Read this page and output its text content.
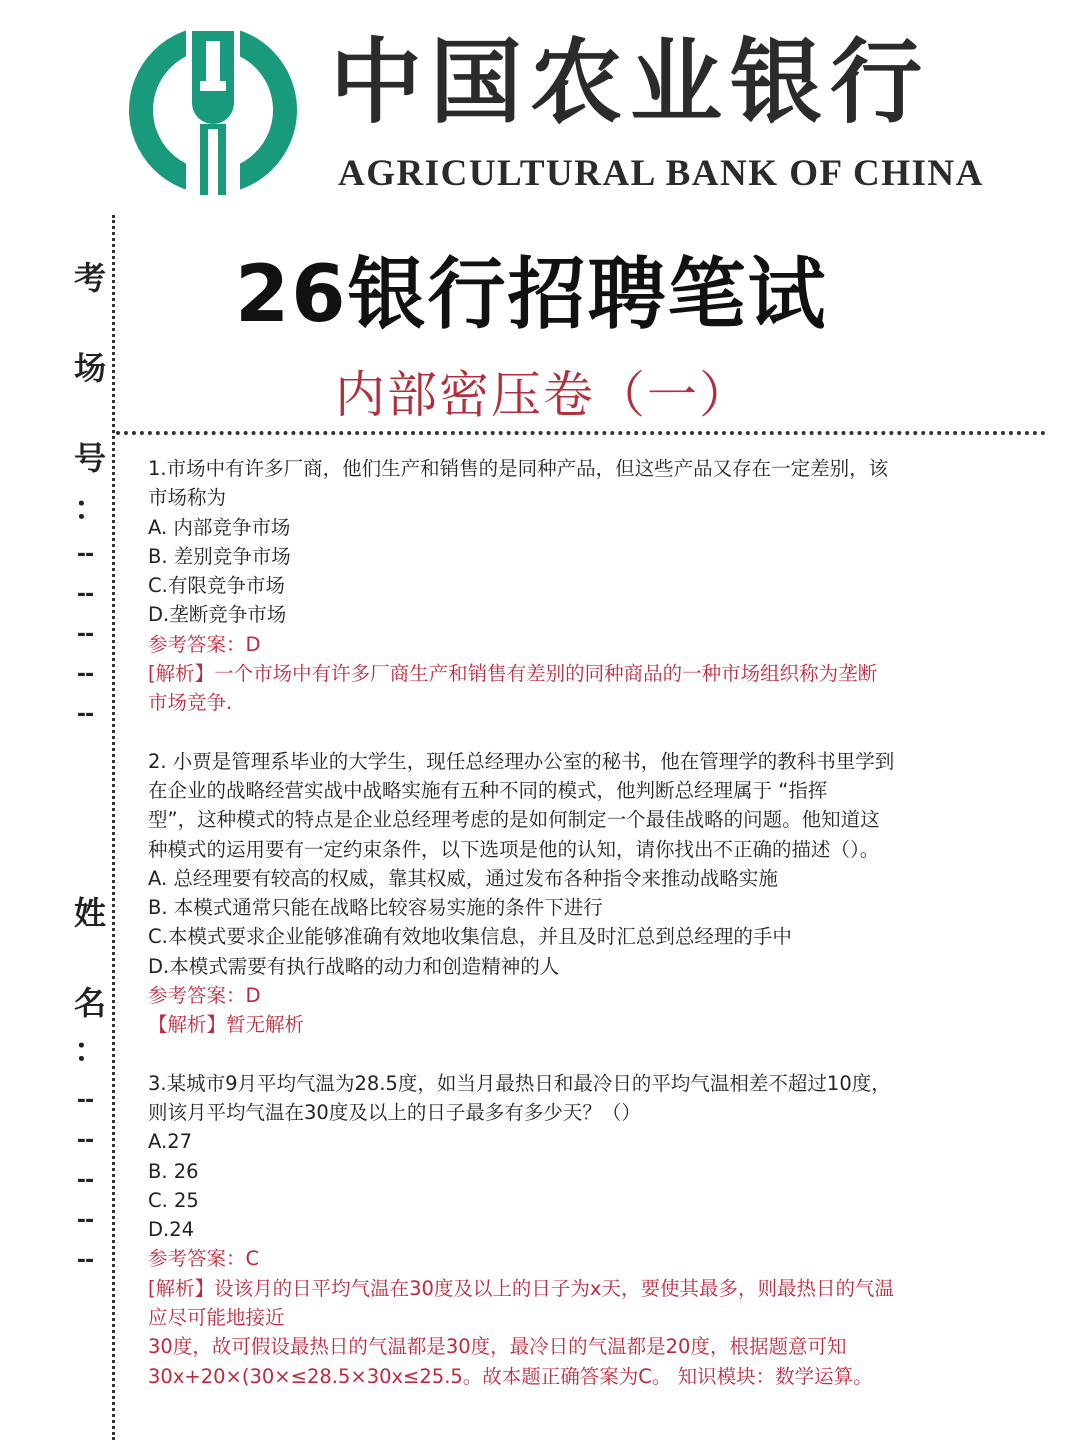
中国农业银行
AGRICULTURAL BANK OF CHINA
考
场
号
：
--
--
--
--
--
姓
名
：
--
--
--
--
--
26银行招聘笔试
内部密压卷（一）

1.市场中有许多厂商，他们生产和销售的是同种产品，但这些产品又存在一定差别，该

市场称为

A. 内部竞争市场

B. 差别竞争市场

C.有限竞争市场

D.垄断竞争市场

参考答案：D

[解析】一个市场中有许多厂商生产和销售有差别的同种商品的一种市场组织称为垄断

市场竞争.

2. 小贾是管理系毕业的大学生，现任总经理办公室的秘书，他在管理学的教科书里学到

在企业的战略经营实战中战略实施有五种不同的模式，他判断总经理属于 “指挥

型”，这种模式的特点是企业总经理考虑的是如何制定一个最佳战略的问题。他知道这

种模式的运用要有一定约束条件，以下选项是他的认知，请你找出不正确的描述（）。

A. 总经理要有较高的权威，靠其权威，通过发布各种指令来推动战略实施

B. 本模式通常只能在战略比较容易实施的条件下进行

C.本模式要求企业能够准确有效地收集信息，并且及时汇总到总经理的手中

D.本模式需要有执行战略的动力和创造精神的人

参考答案：D

【解析】暂无解析

3.某城市9月平均气温为28.5度，如当月最热日和最冷日的平均气温相差不超过10度，

则该月平均气温在30度及以上的日子最多有多少天？（）

A.27

B. 26

C. 25

D.24

参考答案：C

[解析】设该月的日平均气温在30度及以上的日子为x天，要使其最多，则最热日的气温

应尽可能地接近

30度，故可假设最热日的气温都是30度，最冷日的气温都是20度，根据题意可知

30x+20×(30×≤28.5×30x≤25.5。故本题正确答案为C。 知识模块：数学运算。
